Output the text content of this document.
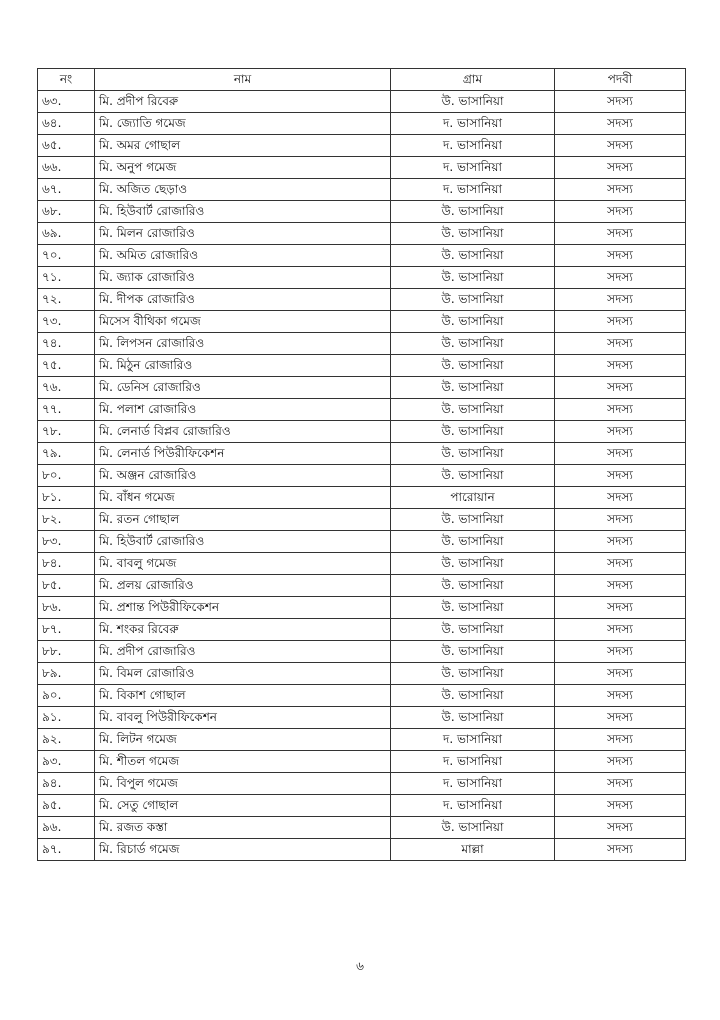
নং	নাম	গ্রাম	পদবী
৬৩.	মি. প্রদীপ রিবেরু	উ. ভাসানিয়া	সদস্য
৬৪.	মি. জ্যোতি গমেজ	দ. ভাসানিয়া	সদস্য
৬৫.	মি. অমর গোছাল	দ. ভাসানিয়া	সদস্য
৬৬.	মি. অনুপ গমেজ	দ. ভাসানিয়া	সদস্য
৬৭.	মি. অজিত ছেড়াও	দ. ভাসানিয়া	সদস্য
৬৮.	মি. হিউবার্ট রোজারিও	উ. ভাসানিয়া	সদস্য
৬৯.	মি. মিলন রোজারিও	উ. ভাসানিয়া	সদস্য
৭০.	মি. অমিত রোজারিও	উ. ভাসানিয়া	সদস্য
৭১.	মি. জ্যাক রোজারিও	উ. ভাসানিয়া	সদস্য
৭২.	মি. দীপক রোজারিও	উ. ভাসানিয়া	সদস্য
৭৩.	মিসেস বীথিকা গমেজ	উ. ভাসানিয়া	সদস্য
৭৪.	মি. লিপসন রোজারিও	উ. ভাসানিয়া	সদস্য
৭৫.	মি. মিঠুন রোজারিও	উ. ভাসানিয়া	সদস্য
৭৬.	মি. ডেনিস রোজারিও	উ. ভাসানিয়া	সদস্য
৭৭.	মি. পলাশ রোজারিও	উ. ভাসানিয়া	সদস্য
৭৮.	মি. লেনার্ড বিপ্লব রোজারিও	উ. ভাসানিয়া	সদস্য
৭৯.	মি. লেনার্ড পিউরীফিকেশন	উ. ভাসানিয়া	সদস্য
৮০.	মি. অঞ্জন রোজারিও	উ. ভাসানিয়া	সদস্য
৮১.	মি. বাঁধন গমেজ	পারোয়ান	সদস্য
৮২.	মি. রতন গোছাল	উ. ভাসানিয়া	সদস্য
৮৩.	মি. হিউবার্ট রোজারিও	উ. ভাসানিয়া	সদস্য
৮৪.	মি. বাবলু গমেজ	উ. ভাসানিয়া	সদস্য
৮৫.	মি. প্রলয় রোজারিও	উ. ভাসানিয়া	সদস্য
৮৬.	মি. প্রশান্ত পিউরীফিকেশন	উ. ভাসানিয়া	সদস্য
৮৭.	মি. শংকর রিবেরু	উ. ভাসানিয়া	সদস্য
৮৮.	মি. প্রদীপ রোজারিও	উ. ভাসানিয়া	সদস্য
৮৯.	মি. বিমল রোজারিও	উ. ভাসানিয়া	সদস্য
৯০.	মি. বিকাশ গোছাল	উ. ভাসানিয়া	সদস্য
৯১.	মি. বাবলু পিউরীফিকেশন	উ. ভাসানিয়া	সদস্য
৯২.	মি. লিটন গমেজ	দ. ভাসানিয়া	সদস্য
৯৩.	মি. শীতল গমেজ	দ. ভাসানিয়া	সদস্য
৯৪.	মি. বিপুল গমেজ	দ. ভাসানিয়া	সদস্য
৯৫.	মি. সেতু গোছাল	দ. ভাসানিয়া	সদস্য
৯৬.	মি. রজত কস্তা	উ. ভাসানিয়া	সদস্য
৯৭.	মি. রিচার্ড গমেজ	মাল্লা	সদস্য
৬
